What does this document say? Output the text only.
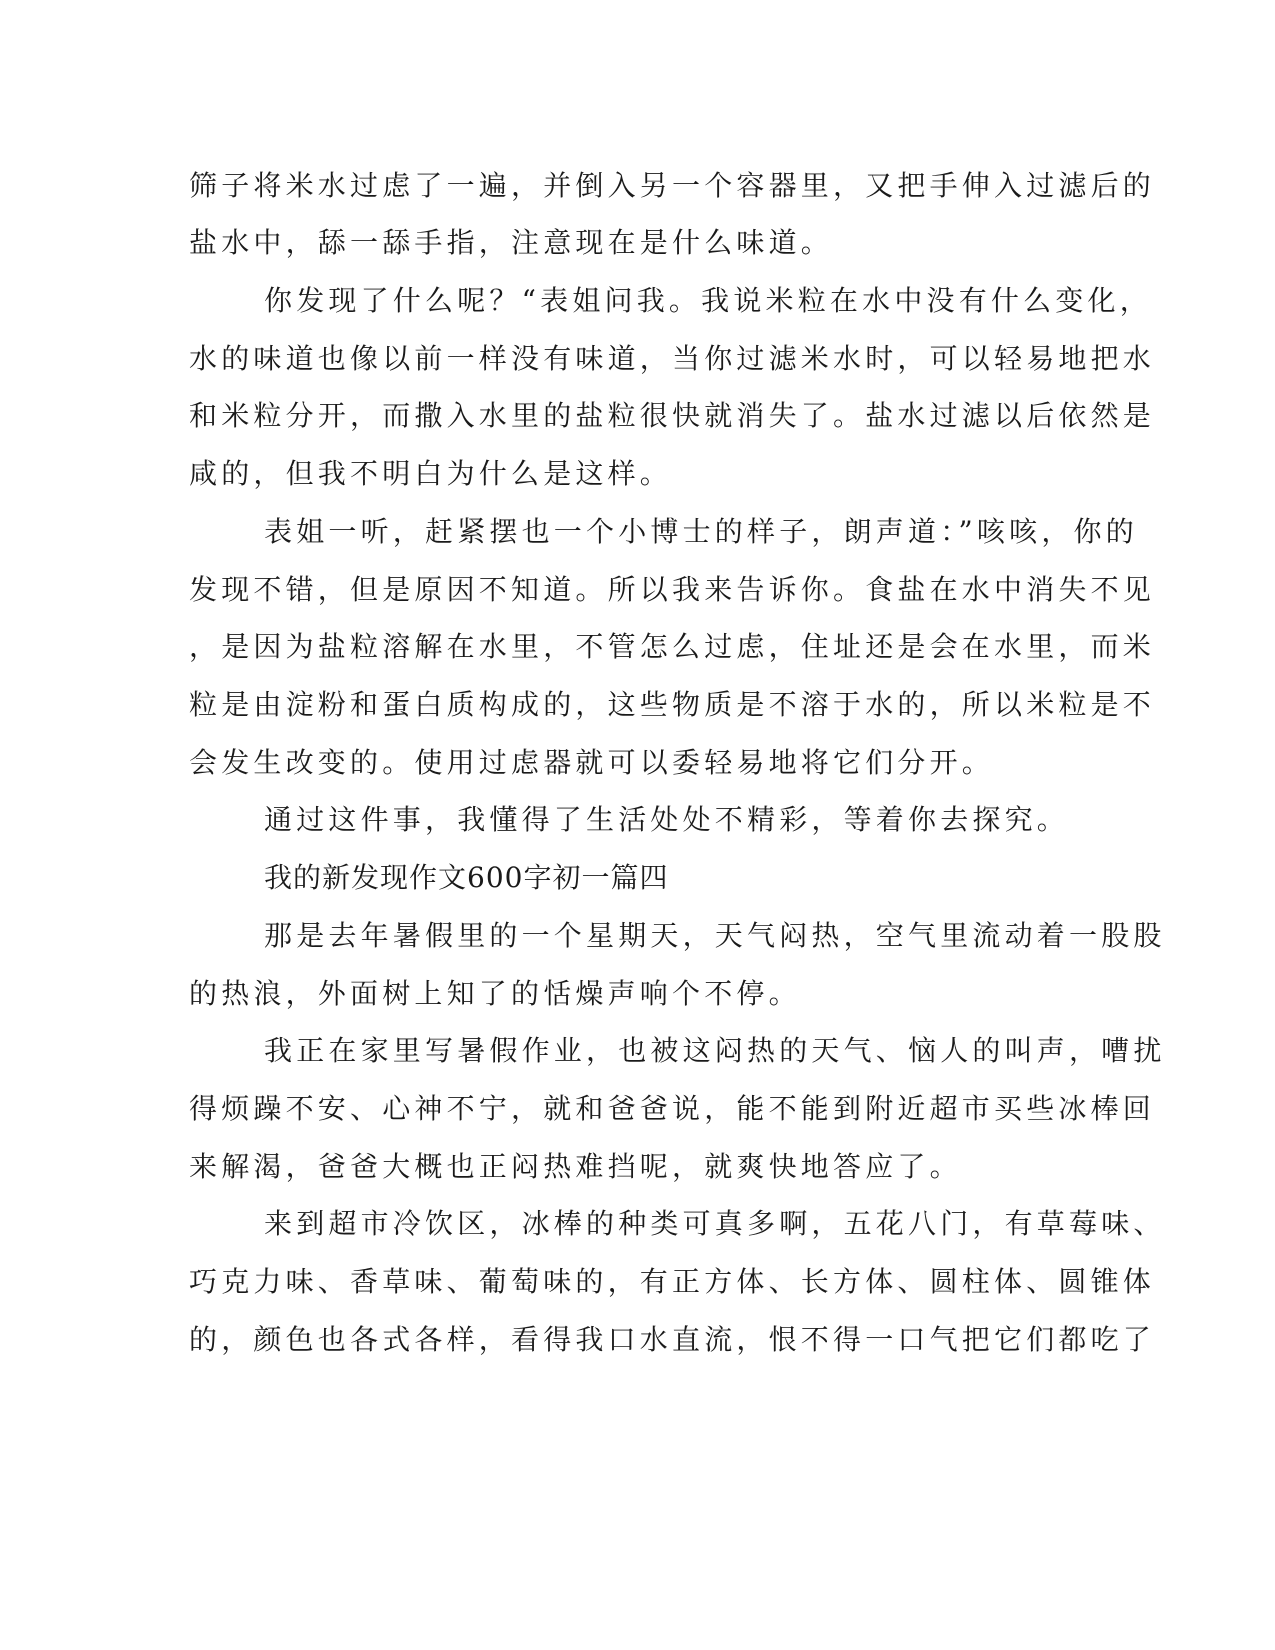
筛子将米水过虑了一遍，并倒入另一个容器里，又把手伸入过滤后的
盐水中，舔一舔手指，注意现在是什么味道。
你发现了什么呢？“表姐问我。我说米粒在水中没有什么变化，
水的味道也像以前一样没有味道，当你过滤米水时，可以轻易地把水
和米粒分开，而撒入水里的盐粒很快就消失了。盐水过滤以后依然是
咸的，但我不明白为什么是这样。
表姐一听，赶紧摆也一个小博士的样子，朗声道：”咳咳，你的
发现不错，但是原因不知道。所以我来告诉你。食盐在水中消失不见
，是因为盐粒溶解在水里，不管怎么过虑，住址还是会在水里，而米
粒是由淀粉和蛋白质构成的，这些物质是不溶于水的，所以米粒是不
会发生改变的。使用过虑器就可以委轻易地将它们分开。
通过这件事，我懂得了生活处处不精彩，等着你去探究。
我的新发现作文600字初一篇四
那是去年暑假里的一个星期天，天气闷热，空气里流动着一股股
的热浪，外面树上知了的恬燥声响个不停。
我正在家里写暑假作业，也被这闷热的天气、恼人的叫声，嘈扰
得烦躁不安、心神不宁，就和爸爸说，能不能到附近超市买些冰棒回
来解渴，爸爸大概也正闷热难挡呢，就爽快地答应了。
来到超市冷饮区，冰棒的种类可真多啊，五花八门，有草莓味、
巧克力味、香草味、葡萄味的，有正方体、长方体、圆柱体、圆锥体
的，颜色也各式各样，看得我口水直流，恨不得一口气把它们都吃了
